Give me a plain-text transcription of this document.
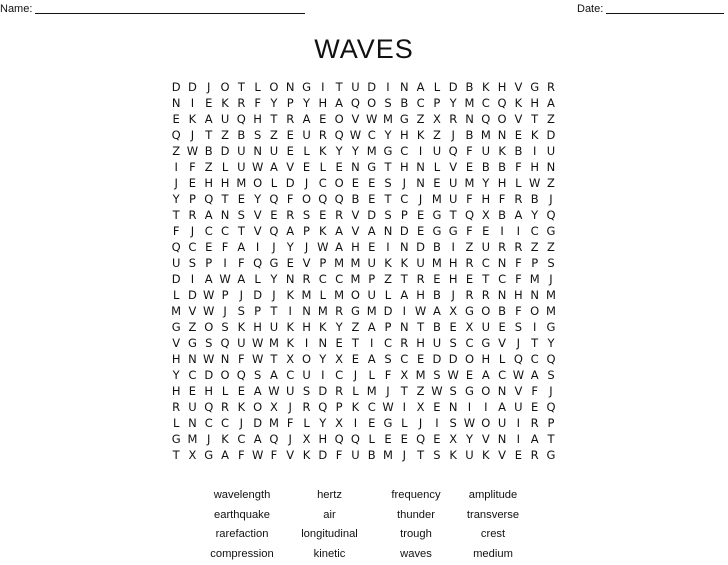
Name:	Date:
WAVES
D D J O T L O N G I T U D I N A L D B K H V G R
N I E K R F Y P Y H A Q O S B C P Y M C Q K H A
E K A U Q H T R A E O V W M G Z X R N Q O V T Z
Q J T Z B S Z E U R Q W C Y H K Z J B M N E K D
Z W B D U N U E L K Y Y M G C I U Q F U K B I U
I F Z L U W A V E L E N G T H N L V E B B F H N
J E H H M O L D J C O E E S J N E U M Y H L W Z
Y P Q T E Y Q F O Q Q B E T C J M U F H F R B J
T R A N S V E R S E R V D S P E G T Q X B A Y Q
F J C C T V Q A P K A V A N D E G G F E I	I C G
Q C E F A I	J Y J W A H E I N D B I Z U R R Z Z
U S P I F Q G E V P M M U K K U M H R C N F P S
D I A W A L Y N R C C M P Z T R E H E T C F M J
L D W P J D J K M L M O U L A H B J R R N H N M
M V W J S P T I N M R G M D I W A X G O B F O M
G Z O S K H U K H K Y Z A P N T B E X U E S I G
V G S Q U W M K I N E T I C R H U S C G V J T Y
H N W N F W T X O Y X E A S C E D D O H L Q C Q
Y C D O Q S A C U I C J L F X M S W E A C W A S
H E H L E A W U S D R L M J T Z W S G O N V F J
R U Q R K O X J R Q P K C W I X E N I	I A U E Q
L N C C J D M F L Y X I E G L J	I S W O U I R P
G M J K C A Q J X H Q Q L E E Q E X Y V N I A T
T X G A F W F V K D F U B M J T S K U K V E R G
wavelength	hertz	frequency	amplitude
earthquake	air	thunder	transverse
rarefaction	longitudinal	trough	crest
compression	kinetic	waves	medium
